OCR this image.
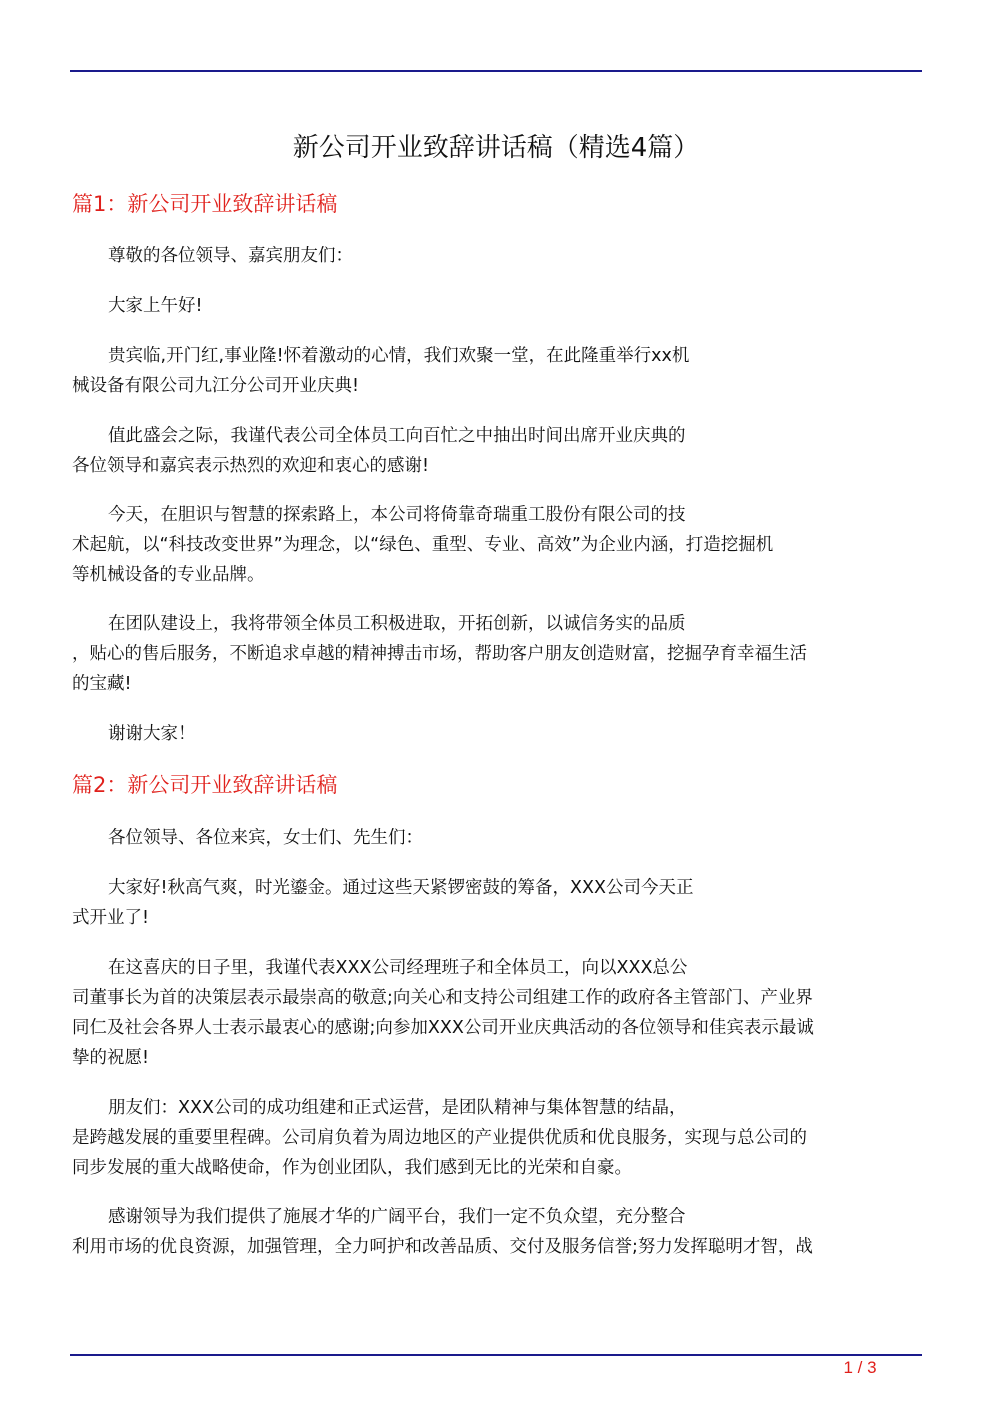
新公司开业致辞讲话稿（精选4篇）
篇1：新公司开业致辞讲话稿
尊敬的各位领导、嘉宾朋友们：
大家上午好!
贵宾临,开门红,事业隆!怀着激动的心情，我们欢聚一堂，在此隆重举行xx机
械设备有限公司九江分公司开业庆典!
值此盛会之际，我谨代表公司全体员工向百忙之中抽出时间出席开业庆典的
各位领导和嘉宾表示热烈的欢迎和衷心的感谢!
今天，在胆识与智慧的探索路上，本公司将倚靠奇瑞重工股份有限公司的技
术起航，以“科技改变世界”为理念，以“绿色、重型、专业、高效”为企业内涵，打造挖掘机
等机械设备的专业品牌。
在团队建设上，我将带领全体员工积极进取，开拓创新，以诚信务实的品质
，贴心的售后服务，不断追求卓越的精神搏击市场，帮助客户朋友创造财富，挖掘孕育幸福生活
的宝藏!
谢谢大家！
篇2：新公司开业致辞讲话稿
各位领导、各位来宾，女士们、先生们：
大家好!秋高气爽，时光鎏金。通过这些天紧锣密鼓的筹备，XXX公司今天正
式开业了!
在这喜庆的日子里，我谨代表XXX公司经理班子和全体员工，向以XXX总公
司董事长为首的决策层表示最崇高的敬意;向关心和支持公司组建工作的政府各主管部门、产业界
同仁及社会各界人士表示最衷心的感谢;向参加XXX公司开业庆典活动的各位领导和佳宾表示最诚
挚的祝愿!
朋友们：XXX公司的成功组建和正式运营，是团队精神与集体智慧的结晶，
是跨越发展的重要里程碑。公司肩负着为周边地区的产业提供优质和优良服务，实现与总公司的
同步发展的重大战略使命，作为创业团队，我们感到无比的光荣和自豪。
感谢领导为我们提供了施展才华的广阔平台，我们一定不负众望，充分整合
利用市场的优良资源，加强管理，全力呵护和改善品质、交付及服务信誉;努力发挥聪明才智，战
1 / 3
